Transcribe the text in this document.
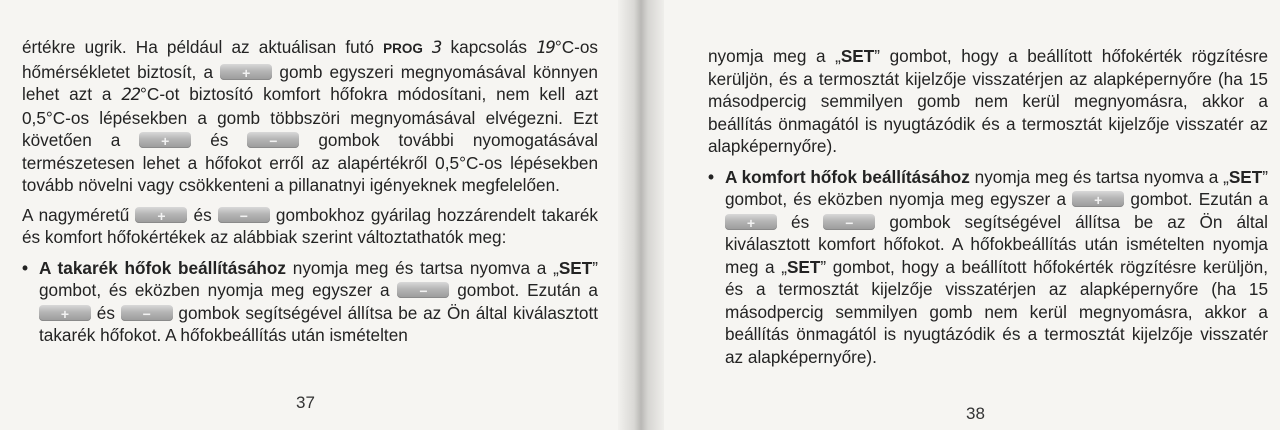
értékre ugrik. Ha például az aktuálisan futó PROG 3 kapcsolás 19°C-os hőmérsékletet biztosít, a	+	gomb egyszeri megnyomásával könnyen lehet azt a 22°C-ot biztosító komfort hőfokra módosítani, nem kell azt 0,5°C-os lépésekben a gomb többszöri megnyomásával elvégezni. Ezt követően a	+	és	−	gombok további nyomogatásával természetesen lehet a hőfokot erről az alapértékről 0,5°C-os lépésekben tovább növelni vagy csökkenteni a pillanatnyi igényeknek megfelelően.

A nagyméretű	+	és	−	gombokhoz gyárilag hozzárendelt takarék és komfort hőfokértékek az alábbiak szerint változtathatók meg:

• A takarék hőfok beállításához nyomja meg és tartsa nyomva a „SET” gombot, és eközben nyomja meg egyszer a	−	gombot. Ezután a
+	és	−	gombok segítségével állítsa be az Ön által kiválasztott takarék hőfokot. A hőfokbeállítás után ismételten

37

nyomja meg a „SET” gombot, hogy a beállított hőfokérték rögzítésre kerüljön, és a termosztát kijelzője visszatérjen az alapképernyőre (ha 15 másodpercig semmilyen gomb nem kerül megnyomásra, akkor a beállítás önmagától is nyugtázódik és a termosztát kijelzője visszatér az alapképernyőre).

• A komfort hőfok beállításához nyomja meg és tartsa nyomva a „SET” gombot, és eközben nyomja meg egyszer a	+	gombot. Ezután a
+	és	−	gombok segítségével állítsa be az Ön által kiválasztott komfort hőfokot. A hőfokbeállítás után ismételten nyomja meg a „SET” gombot, hogy a beállított hőfokérték rögzítésre kerüljön, és a termosztát kijelzője visszatérjen az alapképernyőre (ha 15 másodpercig semmilyen gomb nem kerül megnyomásra, akkor a beállítás önmagától is nyugtázódik és a termosztát kijelzője visszatér az alapképernyőre).

38
